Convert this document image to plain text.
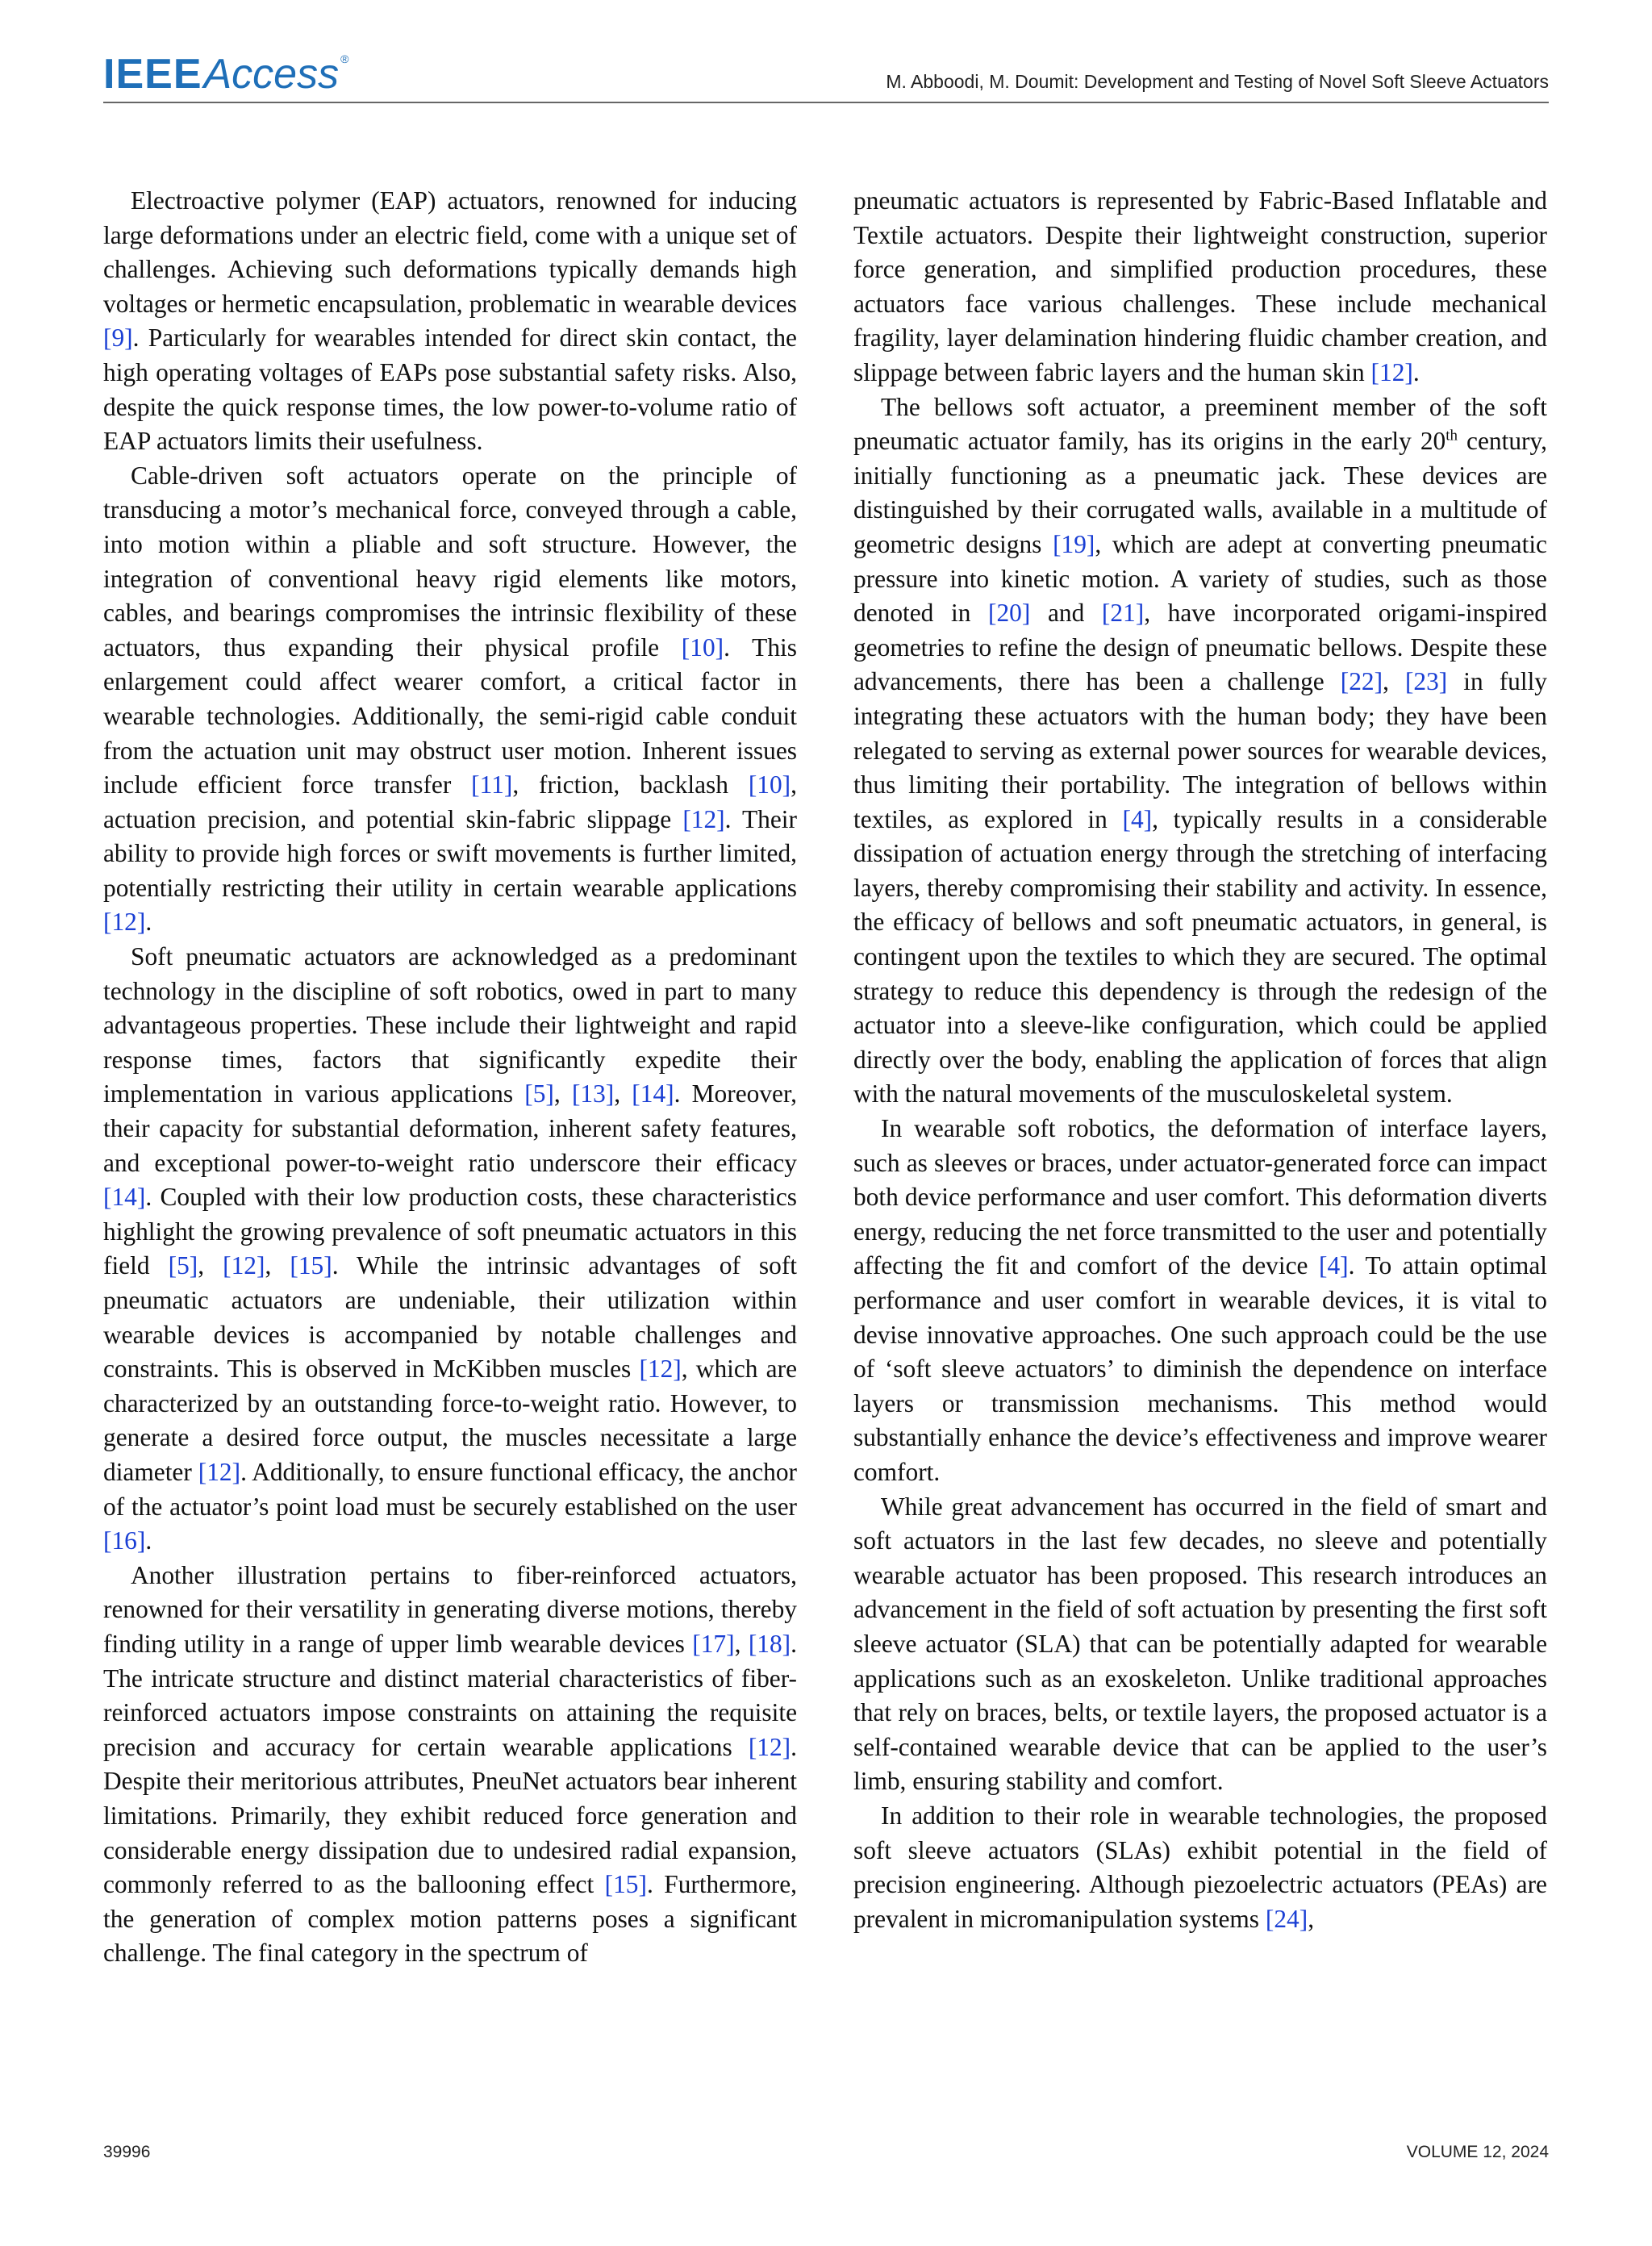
IEEE Access ®
M. Abboodi, M. Doumit: Development and Testing of Novel Soft Sleeve Actuators

Electroactive polymer (EAP) actuators, renowned for inducing large deformations under an electric field, come with a unique set of challenges. Achieving such deformations typically demands high voltages or hermetic encapsulation, problematic in wearable devices [9]. Particularly for wearables intended for direct skin contact, the high operating voltages of EAPs pose substantial safety risks. Also, despite the quick response times, the low power-to-volume ratio of EAP actuators limits their usefulness.

Cable-driven soft actuators operate on the principle of transducing a motor’s mechanical force, conveyed through a cable, into motion within a pliable and soft structure. However, the integration of conventional heavy rigid elements like motors, cables, and bearings compromises the intrinsic flexibility of these actuators, thus expanding their physical profile [10]. This enlargement could affect wearer comfort, a critical factor in wearable technologies. Additionally, the semi-rigid cable conduit from the actuation unit may obstruct user motion. Inherent issues include efficient force transfer [11], friction, backlash [10], actuation precision, and potential skin-fabric slippage [12]. Their ability to provide high forces or swift movements is further limited, potentially restricting their utility in certain wearable applications [12].

Soft pneumatic actuators are acknowledged as a predominant technology in the discipline of soft robotics, owed in part to many advantageous properties. These include their lightweight and rapid response times, factors that significantly expedite their implementation in various applications [5], [13], [14]. Moreover, their capacity for substantial deformation, inherent safety features, and exceptional power-to-weight ratio underscore their efficacy [14]. Coupled with their low production costs, these characteristics highlight the growing prevalence of soft pneumatic actuators in this field [5], [12], [15]. While the intrinsic advantages of soft pneumatic actuators are undeniable, their utilization within wearable devices is accompanied by notable challenges and constraints. This is observed in McKibben muscles [12], which are characterized by an outstanding force-to-weight ratio. However, to generate a desired force output, the muscles necessitate a large diameter [12]. Additionally, to ensure functional efficacy, the anchor of the actuator’s point load must be securely established on the user [16].

Another illustration pertains to fiber-reinforced actuators, renowned for their versatility in generating diverse motions, thereby finding utility in a range of upper limb wearable devices [17], [18]. The intricate structure and distinct material characteristics of fiber-reinforced actuators impose constraints on attaining the requisite precision and accuracy for certain wearable applications [12]. Despite their meritorious attributes, PneuNet actuators bear inherent limitations. Primarily, they exhibit reduced force generation and considerable energy dissipation due to undesired radial expansion, commonly referred to as the ballooning effect [15]. Furthermore, the generation of complex motion patterns poses a significant challenge. The final category in the spectrum of

pneumatic actuators is represented by Fabric-Based Inflatable and Textile actuators. Despite their lightweight construction, superior force generation, and simplified production procedures, these actuators face various challenges. These include mechanical fragility, layer delamination hindering fluidic chamber creation, and slippage between fabric layers and the human skin [12].

The bellows soft actuator, a preeminent member of the soft pneumatic actuator family, has its origins in the early 20th century, initially functioning as a pneumatic jack. These devices are distinguished by their corrugated walls, available in a multitude of geometric designs [19], which are adept at converting pneumatic pressure into kinetic motion. A variety of studies, such as those denoted in [20] and [21], have incorporated origami-inspired geometries to refine the design of pneumatic bellows. Despite these advancements, there has been a challenge [22], [23] in fully integrating these actuators with the human body; they have been relegated to serving as external power sources for wearable devices, thus limiting their portability. The integration of bellows within textiles, as explored in [4], typically results in a considerable dissipation of actuation energy through the stretching of interfacing layers, thereby compromising their stability and activity. In essence, the efficacy of bellows and soft pneumatic actuators, in general, is contingent upon the textiles to which they are secured. The optimal strategy to reduce this dependency is through the redesign of the actuator into a sleeve-like configuration, which could be applied directly over the body, enabling the application of forces that align with the natural movements of the musculoskeletal system.

In wearable soft robotics, the deformation of interface layers, such as sleeves or braces, under actuator-generated force can impact both device performance and user comfort. This deformation diverts energy, reducing the net force transmitted to the user and potentially affecting the fit and comfort of the device [4]. To attain optimal performance and user comfort in wearable devices, it is vital to devise innovative approaches. One such approach could be the use of ‘soft sleeve actuators’ to diminish the dependence on interface layers or transmission mechanisms. This method would substantially enhance the device’s effectiveness and improve wearer comfort.

While great advancement has occurred in the field of smart and soft actuators in the last few decades, no sleeve and potentially wearable actuator has been proposed. This research introduces an advancement in the field of soft actuation by presenting the first soft sleeve actuator (SLA) that can be potentially adapted for wearable applications such as an exoskeleton. Unlike traditional approaches that rely on braces, belts, or textile layers, the proposed actuator is a self-contained wearable device that can be applied to the user’s limb, ensuring stability and comfort.

In addition to their role in wearable technologies, the proposed soft sleeve actuators (SLAs) exhibit potential in the field of precision engineering. Although piezoelectric actuators (PEAs) are prevalent in micromanipulation systems [24],

39996	VOLUME 12, 2024
